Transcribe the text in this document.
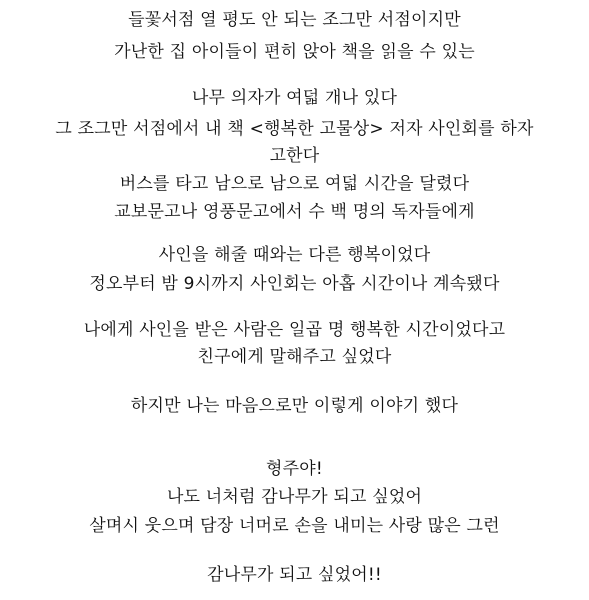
들꽃서점 열 평도 안 되는 조그만 서점이지만
가난한 집 아이들이 편히 앉아 책을 읽을 수 있는
나무 의자가 여덟 개나 있다
그 조그만 서점에서 내 책 <행복한 고물상> 저자 사인회를 하자
고한다
버스를 타고 남으로 남으로 여덟 시간을 달렸다
교보문고나 영풍문고에서 수 백 명의 독자들에게
사인을 해줄 때와는 다른 행복이었다
정오부터 밤 9시까지 사인회는 아홉 시간이나 계속됐다
나에게 사인을 받은 사람은 일곱 명 행복한 시간이었다고
친구에게 말해주고 싶었다
하지만 나는 마음으로만 이렇게 이야기 했다
형주야!
나도 너처럼 감나무가 되고 싶었어
살며시 웃으며 담장 너머로 손을 내미는 사랑 많은 그런
감나무가 되고 싶었어!!
